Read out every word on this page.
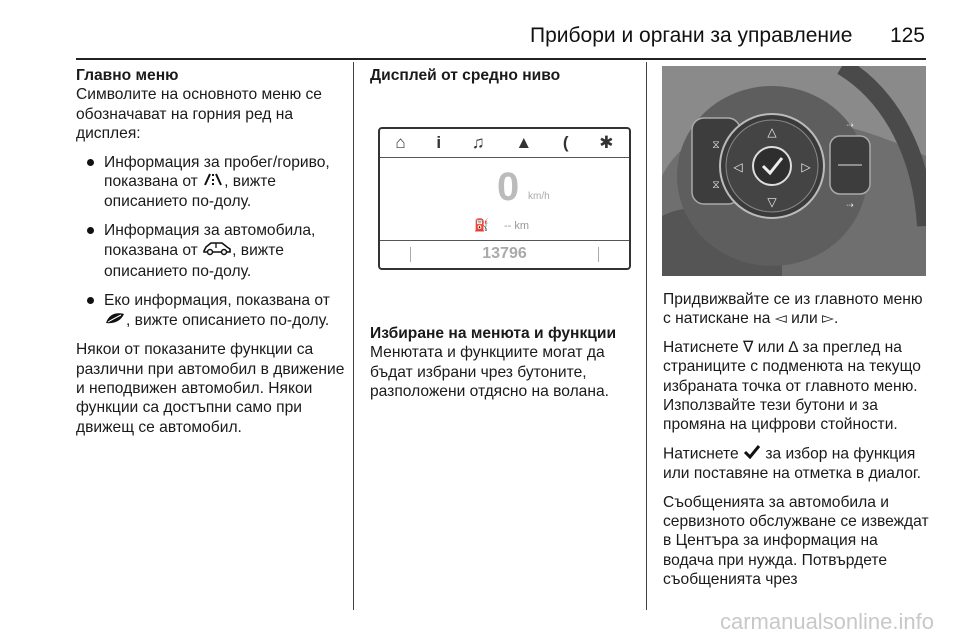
Прибори и органи за управление 125
Главно меню

Символите на основното меню се обозначават на горния ред на дисплея:

Информация за пробег/гориво, показвана от , вижте описанието по-долу.
Информация за автомобила, показвана от , вижте описанието по-долу.
Еко информация, показвана от , вижте описанието по-долу.

Някои от показаните функции са различни при автомобил в движение и неподвижен автомобил. Някои функции са достъпни само при движещ се автомобил.

Дисплей от средно ниво
⌂ i ♫ ▲ ( ✱
0 km/h
⛽ -- km
13796
Избиране на менюта и функции

Менютата и функциите могат да бъдат избрани чрез бутоните, разположени отдясно на волана.

⧖
⧖
△
▽
◁	▷
⇢
⇢

Придвижвайте се из главното меню с натискане на ◅ или ▻.

Натиснете ∇ или ∆ за преглед на страниците с подменюта на текущо избраната точка от главното меню. Използвайте тези бутони и за промяна на цифрови стойности.

Натиснете  за избор на функция или поставяне на отметка в диалог.

Съобщенията за автомобила и сервизното обслужване се извеждат в Центъра за информация на водача при нужда. Потвърдете съобщенията чрез

carmanualsonline.info
